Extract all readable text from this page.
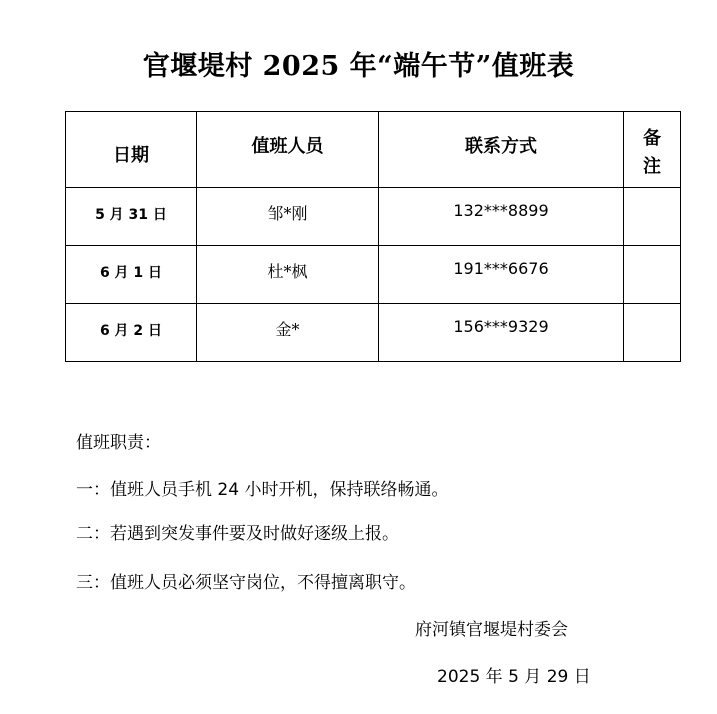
官堰堤村 2025 年“端午节”值班表
日期	值班人员	联系方式	备
注
5 月 31 日	邹*刚	132***8899	
6 月 1 日	杜*枫	191***6676	
6 月 2 日	金*	156***9329	
值班职责：
一：值班人员手机 24 小时开机，保持联络畅通。
二：若遇到突发事件要及时做好逐级上报。
三：值班人员必须坚守岗位，不得擅离职守。
府河镇官堰堤村委会
2025 年 5 月 29 日
